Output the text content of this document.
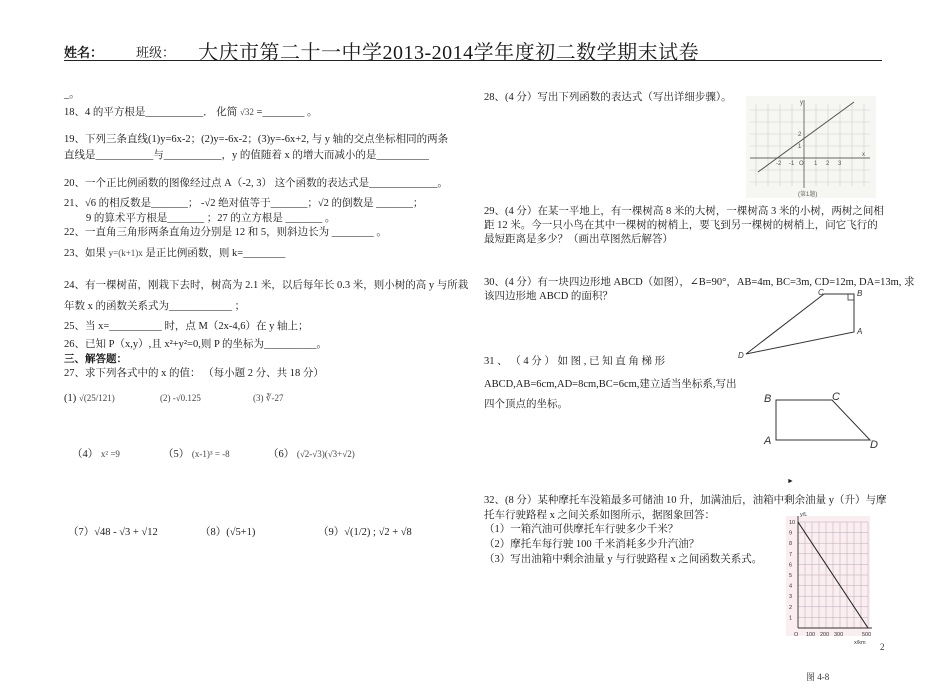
姓名：	班级： 大庆市第二十一中学2013-2014学年度初二数学期末试卷
_。
18、4 的平方根是___________． 化简 √32 =________ 。
19、下列三条直线(1)y=6x-2；(2)y=-6x-2；(3)y=-6x+2, 与 y 轴的交点坐标相同的两条
直线是___________与___________，y 的值随着 x 的增大而减小的是__________
20、一个正比例函数的图像经过点 A（-2, 3） 这个函数的表达式是_____________。
21、√6 的相反数是_______； -√2 绝对值等于_______；√2 的倒数是 _______；
9 的算术平方根是_______ ；27 的立方根是 _______ 。
22、一直角三角形两条直角边分别是 12 和 5，则斜边长为 ________ 。
23、如果 y=(k+1)x 是正比例函数，则 k=________
24、有一棵树苗，刚栽下去时，树高为 2.1 米，以后每年长 0.3 米，则小树的高 y 与所栽
年数 x 的函数关系式为____________ ；
25、当 x=__________ 时，点 M（2x-4,6）在 y 轴上；
26、已知 P（x,y）,且 x²+y²=0,则 P 的坐标为__________。
三、解答题：
27、求下列各式中的 x 的值： （每小题 2 分、共 18 分）
(1) √(25/121)	(2) -√0.125	(3) ∛-27
（4） x² =9	（5） (x-1)³ = -8	（6） (√2-√3)(√3+√2)
（7）√48 - √3 + √12	（8）(√5+1)	（9）√(1/2) ; √2 + √8
28、(4 分）写出下列函数的表达式（写出详细步骤）。
x
y
-2 -1 O 1 2 3
1
2
(第1题)
29、(4 分）在某一平地上，有一棵树高 8 米的大树，一棵树高 3 米的小树，两树之间相
距 12 米。今一只小鸟在其中一棵树的树梢上，要飞到另一棵树的树梢上，问它飞行的
最短距离是多少？（画出草图然后解答）
30、(4 分）有一块四边形地 ABCD（如图），∠B=90°，AB=4m, BC=3m, CD=12m, DA=13m, 求
该四边形地 ABCD 的面积？	C	B
A
D
31 、 （ 4 分 ） 如 图 , 已 知 直 角 梯 形
ABCD,AB=6cm,AD=8cm,BC=6cm,建立适当坐标系,写出
四个顶点的坐标。	B	C
A	D
►
32、(8 分）某种摩托车没箱最多可储油 10 升，加满油后，油箱中剩余油量 y（升）与摩
托车行驶路程 x 之间关系如图所示，据图象回答：
（1）一箱汽油可供摩托车行驶多少千米？
（2）摩托车每行驶 100 千米消耗多少升汽油？
（3）写出油箱中剩余油量 y 与行驶路程 x 之间函数关系式。
y/L
x/km
1
2
3
4
5
6
7
8
9
10
O 100 200 300	500
图 4-8
2
